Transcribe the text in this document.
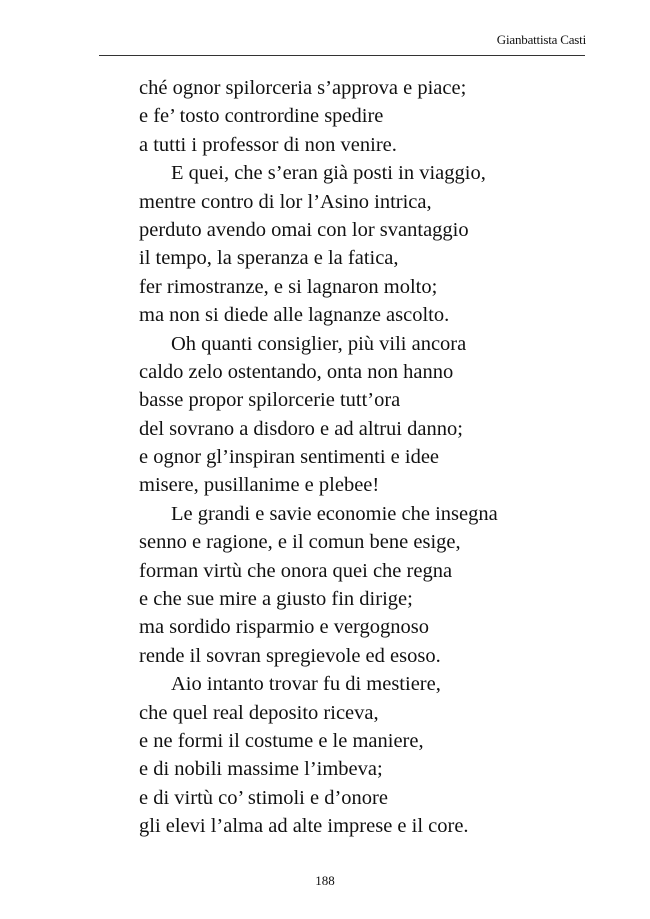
Gianbattista Casti
ché ognor spilorceria s’approva e piace;
e fe’ tosto contrordine spedire
a tutti i professor di non venire.
E quei, che s’eran già posti in viaggio,
mentre contro di lor l’Asino intrica,
perduto avendo omai con lor svantaggio
il tempo, la speranza e la fatica,
fer rimostranze, e si lagnaron molto;
ma non si diede alle lagnanze ascolto.
Oh quanti consiglier, più vili ancora
caldo zelo ostentando, onta non hanno
basse propor spilorcerie tutt’ora
del sovrano a disdoro e ad altrui danno;
e ognor gl’inspiran sentimenti e idee
misere, pusillanime e plebee!
Le grandi e savie economie che insegna
senno e ragione, e il comun bene esige,
forman virtù che onora quei che regna
e che sue mire a giusto fin dirige;
ma sordido risparmio e vergognoso
rende il sovran spregievole ed esoso.
Aio intanto trovar fu di mestiere,
che quel real deposito riceva,
e ne formi il costume e le maniere,
e di nobili massime l’imbeva;
e di virtù co’ stimoli e d’onore
gli elevi l’alma ad alte imprese e il core.
188
